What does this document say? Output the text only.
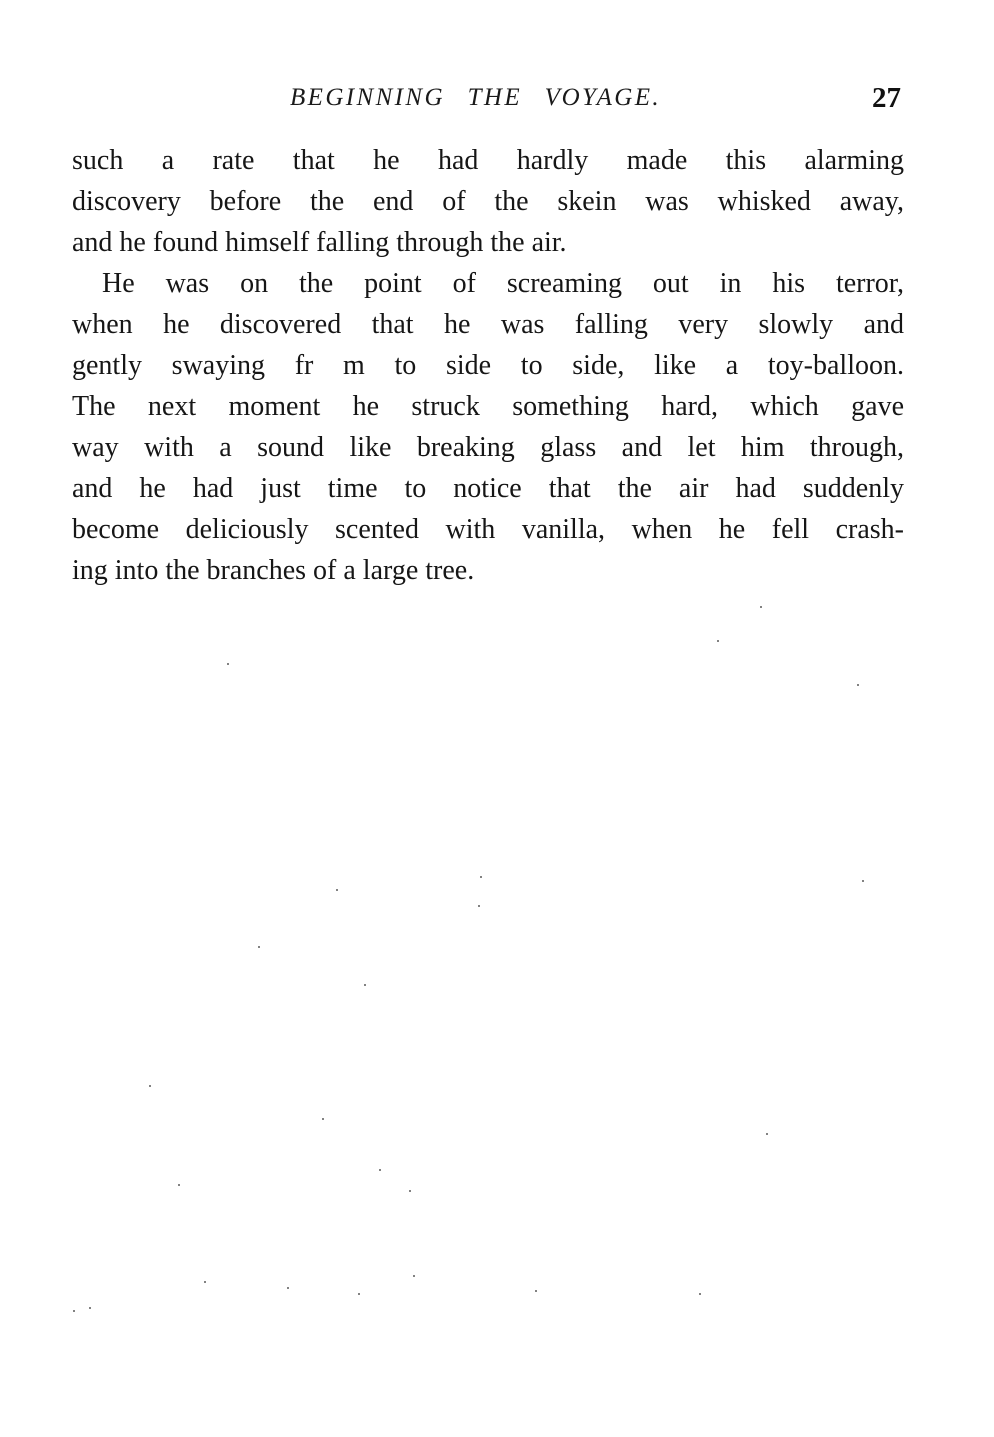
BEGINNING THE VOYAGE.	27
such a rate that he had hardly made this alarming
discovery before the end of the skein was whisked away,
and he found himself falling through the air.
He was on the point of screaming out in his terror,
when he discovered that he was falling very slowly and
gently swaying fr m to side to side, like a toy-balloon.
The next moment he struck something hard, which gave
way with a sound like breaking glass and let him through,
and he had just time to notice that the air had suddenly
become deliciously scented with vanilla, when he fell crash-
ing into the branches of a large tree.
